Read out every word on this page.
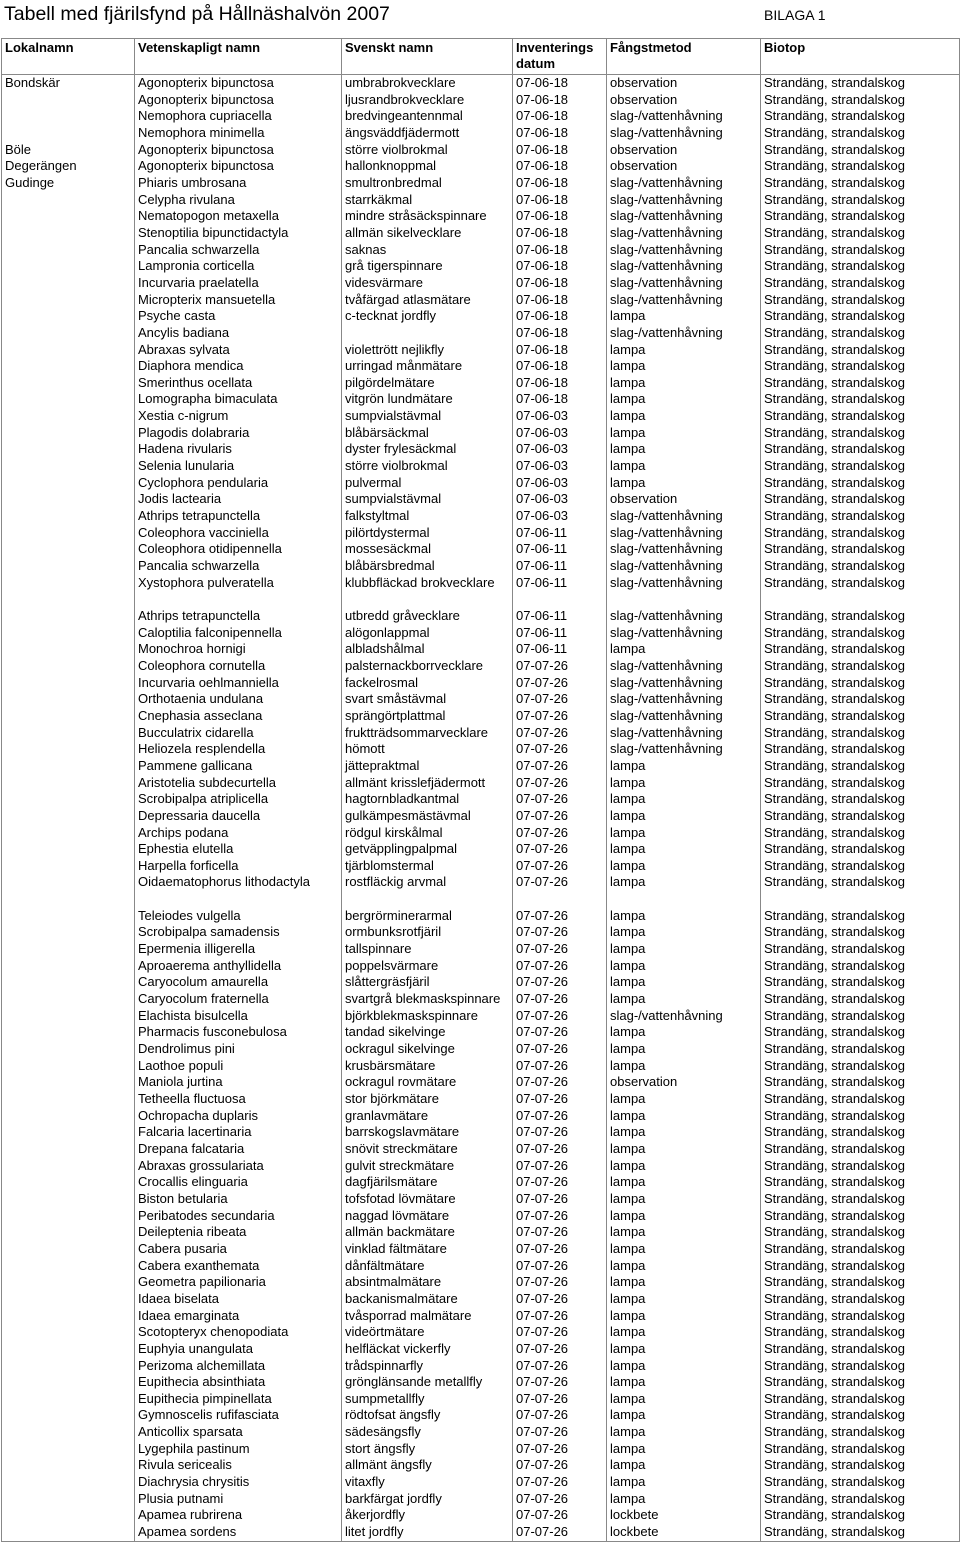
Tabell med fjärilsfynd på Hållnäshalvön 2007	BILAGA 1
Lokalnamn	Vetenskapligt namn	Svenskt namn	Inventerings datum	Fångstmetod	Biotop
Bondskär	Agonopterix bipunctosa	umbrabrokvecklare	07-06-18	observation	Strandäng, strandalskog
	Agonopterix bipunctosa	ljusrandbrokvecklare	07-06-18	observation	Strandäng, strandalskog
	Nemophora cupriacella	bredvingeantennmal	07-06-18	slag-/vattenhåvning	Strandäng, strandalskog
	Nemophora minimella	ängsväddfjädermott	07-06-18	slag-/vattenhåvning	Strandäng, strandalskog
Böle	Agonopterix bipunctosa	större violbrokmal	07-06-18	observation	Strandäng, strandalskog
Degerängen	Agonopterix bipunctosa	hallonknoppmal	07-06-18	observation	Strandäng, strandalskog
Gudinge	Phiaris umbrosana	smultronbredmal	07-06-18	slag-/vattenhåvning	Strandäng, strandalskog
	Celypha rivulana	starrkäkmal	07-06-18	slag-/vattenhåvning	Strandäng, strandalskog
	Nematopogon metaxella	mindre stråsäckspinnare	07-06-18	slag-/vattenhåvning	Strandäng, strandalskog
	Stenoptilia bipunctidactyla	allmän sikelvecklare	07-06-18	slag-/vattenhåvning	Strandäng, strandalskog
	Pancalia schwarzella	saknas	07-06-18	slag-/vattenhåvning	Strandäng, strandalskog
	Lampronia corticella	grå tigerspinnare	07-06-18	slag-/vattenhåvning	Strandäng, strandalskog
	Incurvaria praelatella	videsvärmare	07-06-18	slag-/vattenhåvning	Strandäng, strandalskog
	Micropterix mansuetella	tvåfärgad atlasmätare	07-06-18	slag-/vattenhåvning	Strandäng, strandalskog
	Psyche casta	c-tecknat jordfly	07-06-18	lampa	Strandäng, strandalskog
	Ancylis badiana		07-06-18	slag-/vattenhåvning	Strandäng, strandalskog
	Abraxas sylvata	violettrött nejlikfly	07-06-18	lampa	Strandäng, strandalskog
	Diaphora mendica	urringad månmätare	07-06-18	lampa	Strandäng, strandalskog
	Smerinthus ocellata	pilgördelmätare	07-06-18	lampa	Strandäng, strandalskog
	Lomographa bimaculata	vitgrön lundmätare	07-06-18	lampa	Strandäng, strandalskog
	Xestia c-nigrum	sumpvialstävmal	07-06-03	lampa	Strandäng, strandalskog
	Plagodis dolabraria	blåbärsäckmal	07-06-03	lampa	Strandäng, strandalskog
	Hadena rivularis	dyster frylesäckmal	07-06-03	lampa	Strandäng, strandalskog
	Selenia lunularia	större violbrokmal	07-06-03	lampa	Strandäng, strandalskog
	Cyclophora pendularia	pulvermal	07-06-03	lampa	Strandäng, strandalskog
	Jodis lactearia	sumpvialstävmal	07-06-03	observation	Strandäng, strandalskog
	Athrips tetrapunctella	falkstyltmal	07-06-03	slag-/vattenhåvning	Strandäng, strandalskog
	Coleophora vacciniella	pilörtdystermal	07-06-11	slag-/vattenhåvning	Strandäng, strandalskog
	Coleophora otidipennella	mossesäckmal	07-06-11	slag-/vattenhåvning	Strandäng, strandalskog
	Pancalia schwarzella	blåbärsbredmal	07-06-11	slag-/vattenhåvning	Strandäng, strandalskog
	Xystophora pulveratella	klubbfläckad brokvecklare	07-06-11	slag-/vattenhåvning	Strandäng, strandalskog

	Athrips tetrapunctella	utbredd gråvecklare	07-06-11	slag-/vattenhåvning	Strandäng, strandalskog
	Caloptilia falconipennella	alögonlappmal	07-06-11	slag-/vattenhåvning	Strandäng, strandalskog
	Monochroa hornigi	albladshålmal	07-06-11	lampa	Strandäng, strandalskog
	Coleophora cornutella	palsternackborrvecklare	07-07-26	slag-/vattenhåvning	Strandäng, strandalskog
	Incurvaria oehlmanniella	fackelrosmal	07-07-26	slag-/vattenhåvning	Strandäng, strandalskog
	Orthotaenia undulana	svart småstävmal	07-07-26	slag-/vattenhåvning	Strandäng, strandalskog
	Cnephasia asseclana	sprängörtplattmal	07-07-26	slag-/vattenhåvning	Strandäng, strandalskog
	Bucculatrix cidarella	fruktträdsommarvecklare	07-07-26	slag-/vattenhåvning	Strandäng, strandalskog
	Heliozela resplendella	hömott	07-07-26	slag-/vattenhåvning	Strandäng, strandalskog
	Pammene gallicana	jättepraktmal	07-07-26	lampa	Strandäng, strandalskog
	Aristotelia subdecurtella	allmänt krisslefjädermott	07-07-26	lampa	Strandäng, strandalskog
	Scrobipalpa atriplicella	hagtornbladkantmal	07-07-26	lampa	Strandäng, strandalskog
	Depressaria daucella	gulkämpesmästävmal	07-07-26	lampa	Strandäng, strandalskog
	Archips podana	rödgul kirskålmal	07-07-26	lampa	Strandäng, strandalskog
	Ephestia elutella	getväpplingpalpmal	07-07-26	lampa	Strandäng, strandalskog
	Harpella forficella	tjärblomstermal	07-07-26	lampa	Strandäng, strandalskog
	Oidaematophorus lithodactyla	rostfläckig arvmal	07-07-26	lampa	Strandäng, strandalskog

	Teleiodes vulgella	bergrörminerarmal	07-07-26	lampa	Strandäng, strandalskog
	Scrobipalpa samadensis	ormbunksrotfjäril	07-07-26	lampa	Strandäng, strandalskog
	Epermenia illigerella	tallspinnare	07-07-26	lampa	Strandäng, strandalskog
	Aproaerema anthyllidella	poppelsvärmare	07-07-26	lampa	Strandäng, strandalskog
	Caryocolum amaurella	slåttergräsfjäril	07-07-26	lampa	Strandäng, strandalskog
	Caryocolum fraternella	svartgrå blekmaskspinnare	07-07-26	lampa	Strandäng, strandalskog
	Elachista bisulcella	björkblekmaskspinnare	07-07-26	slag-/vattenhåvning	Strandäng, strandalskog
	Pharmacis fusconebulosa	tandad sikelvinge	07-07-26	lampa	Strandäng, strandalskog
	Dendrolimus pini	ockragul sikelvinge	07-07-26	lampa	Strandäng, strandalskog
	Laothoe populi	krusbärsmätare	07-07-26	lampa	Strandäng, strandalskog
	Maniola jurtina	ockragul rovmätare	07-07-26	observation	Strandäng, strandalskog
	Tetheella fluctuosa	stor björkmätare	07-07-26	lampa	Strandäng, strandalskog
	Ochropacha duplaris	granlavmätare	07-07-26	lampa	Strandäng, strandalskog
	Falcaria lacertinaria	barrskogslavmätare	07-07-26	lampa	Strandäng, strandalskog
	Drepana falcataria	snövit streckmätare	07-07-26	lampa	Strandäng, strandalskog
	Abraxas grossulariata	gulvit streckmätare	07-07-26	lampa	Strandäng, strandalskog
	Crocallis elinguaria	dagfjärilsmätare	07-07-26	lampa	Strandäng, strandalskog
	Biston betularia	tofsfotad lövmätare	07-07-26	lampa	Strandäng, strandalskog
	Peribatodes secundaria	naggad lövmätare	07-07-26	lampa	Strandäng, strandalskog
	Deileptenia ribeata	allmän backmätare	07-07-26	lampa	Strandäng, strandalskog
	Cabera pusaria	vinklad fältmätare	07-07-26	lampa	Strandäng, strandalskog
	Cabera exanthemata	dånfältmätare	07-07-26	lampa	Strandäng, strandalskog
	Geometra papilionaria	absintmalmätare	07-07-26	lampa	Strandäng, strandalskog
	Idaea biselata	backanismalmätare	07-07-26	lampa	Strandäng, strandalskog
	Idaea emarginata	tvåsporrad malmätare	07-07-26	lampa	Strandäng, strandalskog
	Scotopteryx chenopodiata	videörtmätare	07-07-26	lampa	Strandäng, strandalskog
	Euphyia unangulata	helfläckat vickerfly	07-07-26	lampa	Strandäng, strandalskog
	Perizoma alchemillata	trådspinnarfly	07-07-26	lampa	Strandäng, strandalskog
	Eupithecia absinthiata	grönglänsande metallfly	07-07-26	lampa	Strandäng, strandalskog
	Eupithecia pimpinellata	sumpmetallfly	07-07-26	lampa	Strandäng, strandalskog
	Gymnoscelis rufifasciata	rödtofsat ängsfly	07-07-26	lampa	Strandäng, strandalskog
	Anticollix sparsata	sädesängsfly	07-07-26	lampa	Strandäng, strandalskog
	Lygephila pastinum	stort ängsfly	07-07-26	lampa	Strandäng, strandalskog
	Rivula sericealis	allmänt ängsfly	07-07-26	lampa	Strandäng, strandalskog
	Diachrysia chrysitis	vitaxfly	07-07-26	lampa	Strandäng, strandalskog
	Plusia putnami	barkfärgat jordfly	07-07-26	lampa	Strandäng, strandalskog
	Apamea rubrirena	åkerjordfly	07-07-26	lockbete	Strandäng, strandalskog
	Apamea sordens	litet jordfly	07-07-26	lockbete	Strandäng, strandalskog
